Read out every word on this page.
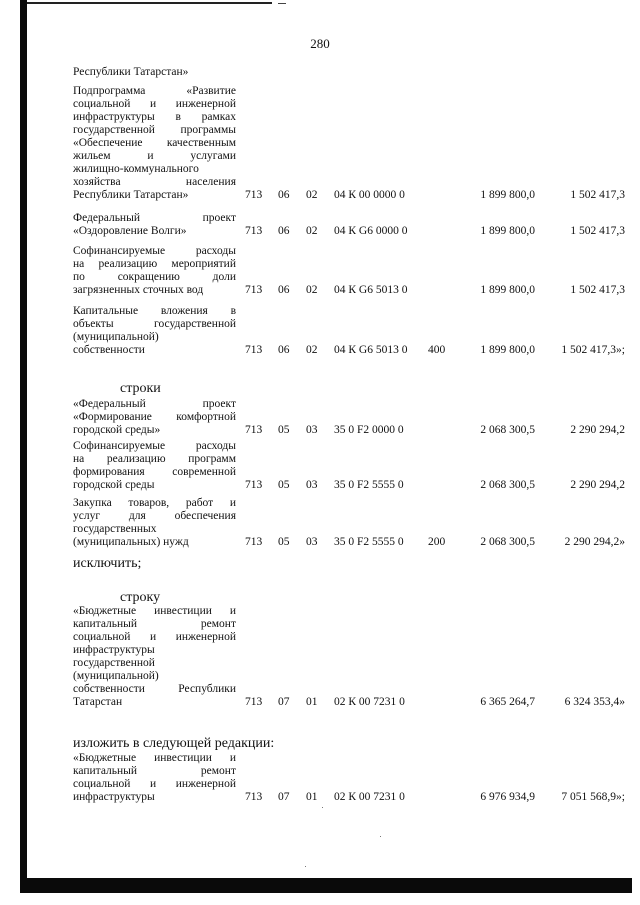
280
Республики Татарстан»
Подпрограмма «Развитие
социальной и инженерной
инфраструктуры в рамках
государственной программы
«Обеспечение качественным
жильем и услугами
жилищно-коммунального
хозяйства населения
Республики Татарстан»	713 06 02 04 К 00 0000 0	1 899 800,0	1 502 417,3
Федеральный проект
«Оздоровление Волги»	713 06 02 04 К G6 0000 0	1 899 800,0	1 502 417,3
Софинансируемые расходы
на реализацию мероприятий
по сокращению доли
загрязненных сточных вод	713 06 02 04 К G6 5013 0	1 899 800,0	1 502 417,3
Капитальные вложения в
объекты государственной
(муниципальной)
собственности	713 06 02 04 К G6 5013 0 400	1 899 800,0	1 502 417,3»;
строки
«Федеральный проект
«Формирование комфортной
городской среды»	713 05 03 35 0 F2 0000 0	2 068 300,5	2 290 294,2
Софинансируемые расходы
на реализацию программ
формирования современной
городской среды	713 05 03 35 0 F2 5555 0	2 068 300,5	2 290 294,2
Закупка товаров, работ и
услуг для обеспечения
государственных
(муниципальных) нужд	713 05 03 35 0 F2 5555 0 200	2 068 300,5	2 290 294,2»
исключить;
строку
«Бюджетные инвестиции и
капитальный ремонт
социальной и инженерной
инфраструктуры
государственной
(муниципальной)
собственности Республики
Татарстан	713 07 01 02 К 00 7231 0	6 365 264,7	6 324 353,4»
изложить в следующей редакции:
«Бюджетные инвестиции и
капитальный ремонт
социальной и инженерной
инфраструктуры	713 07 01 02 К 00 7231 0	6 976 934,9	7 051 568,9»;
